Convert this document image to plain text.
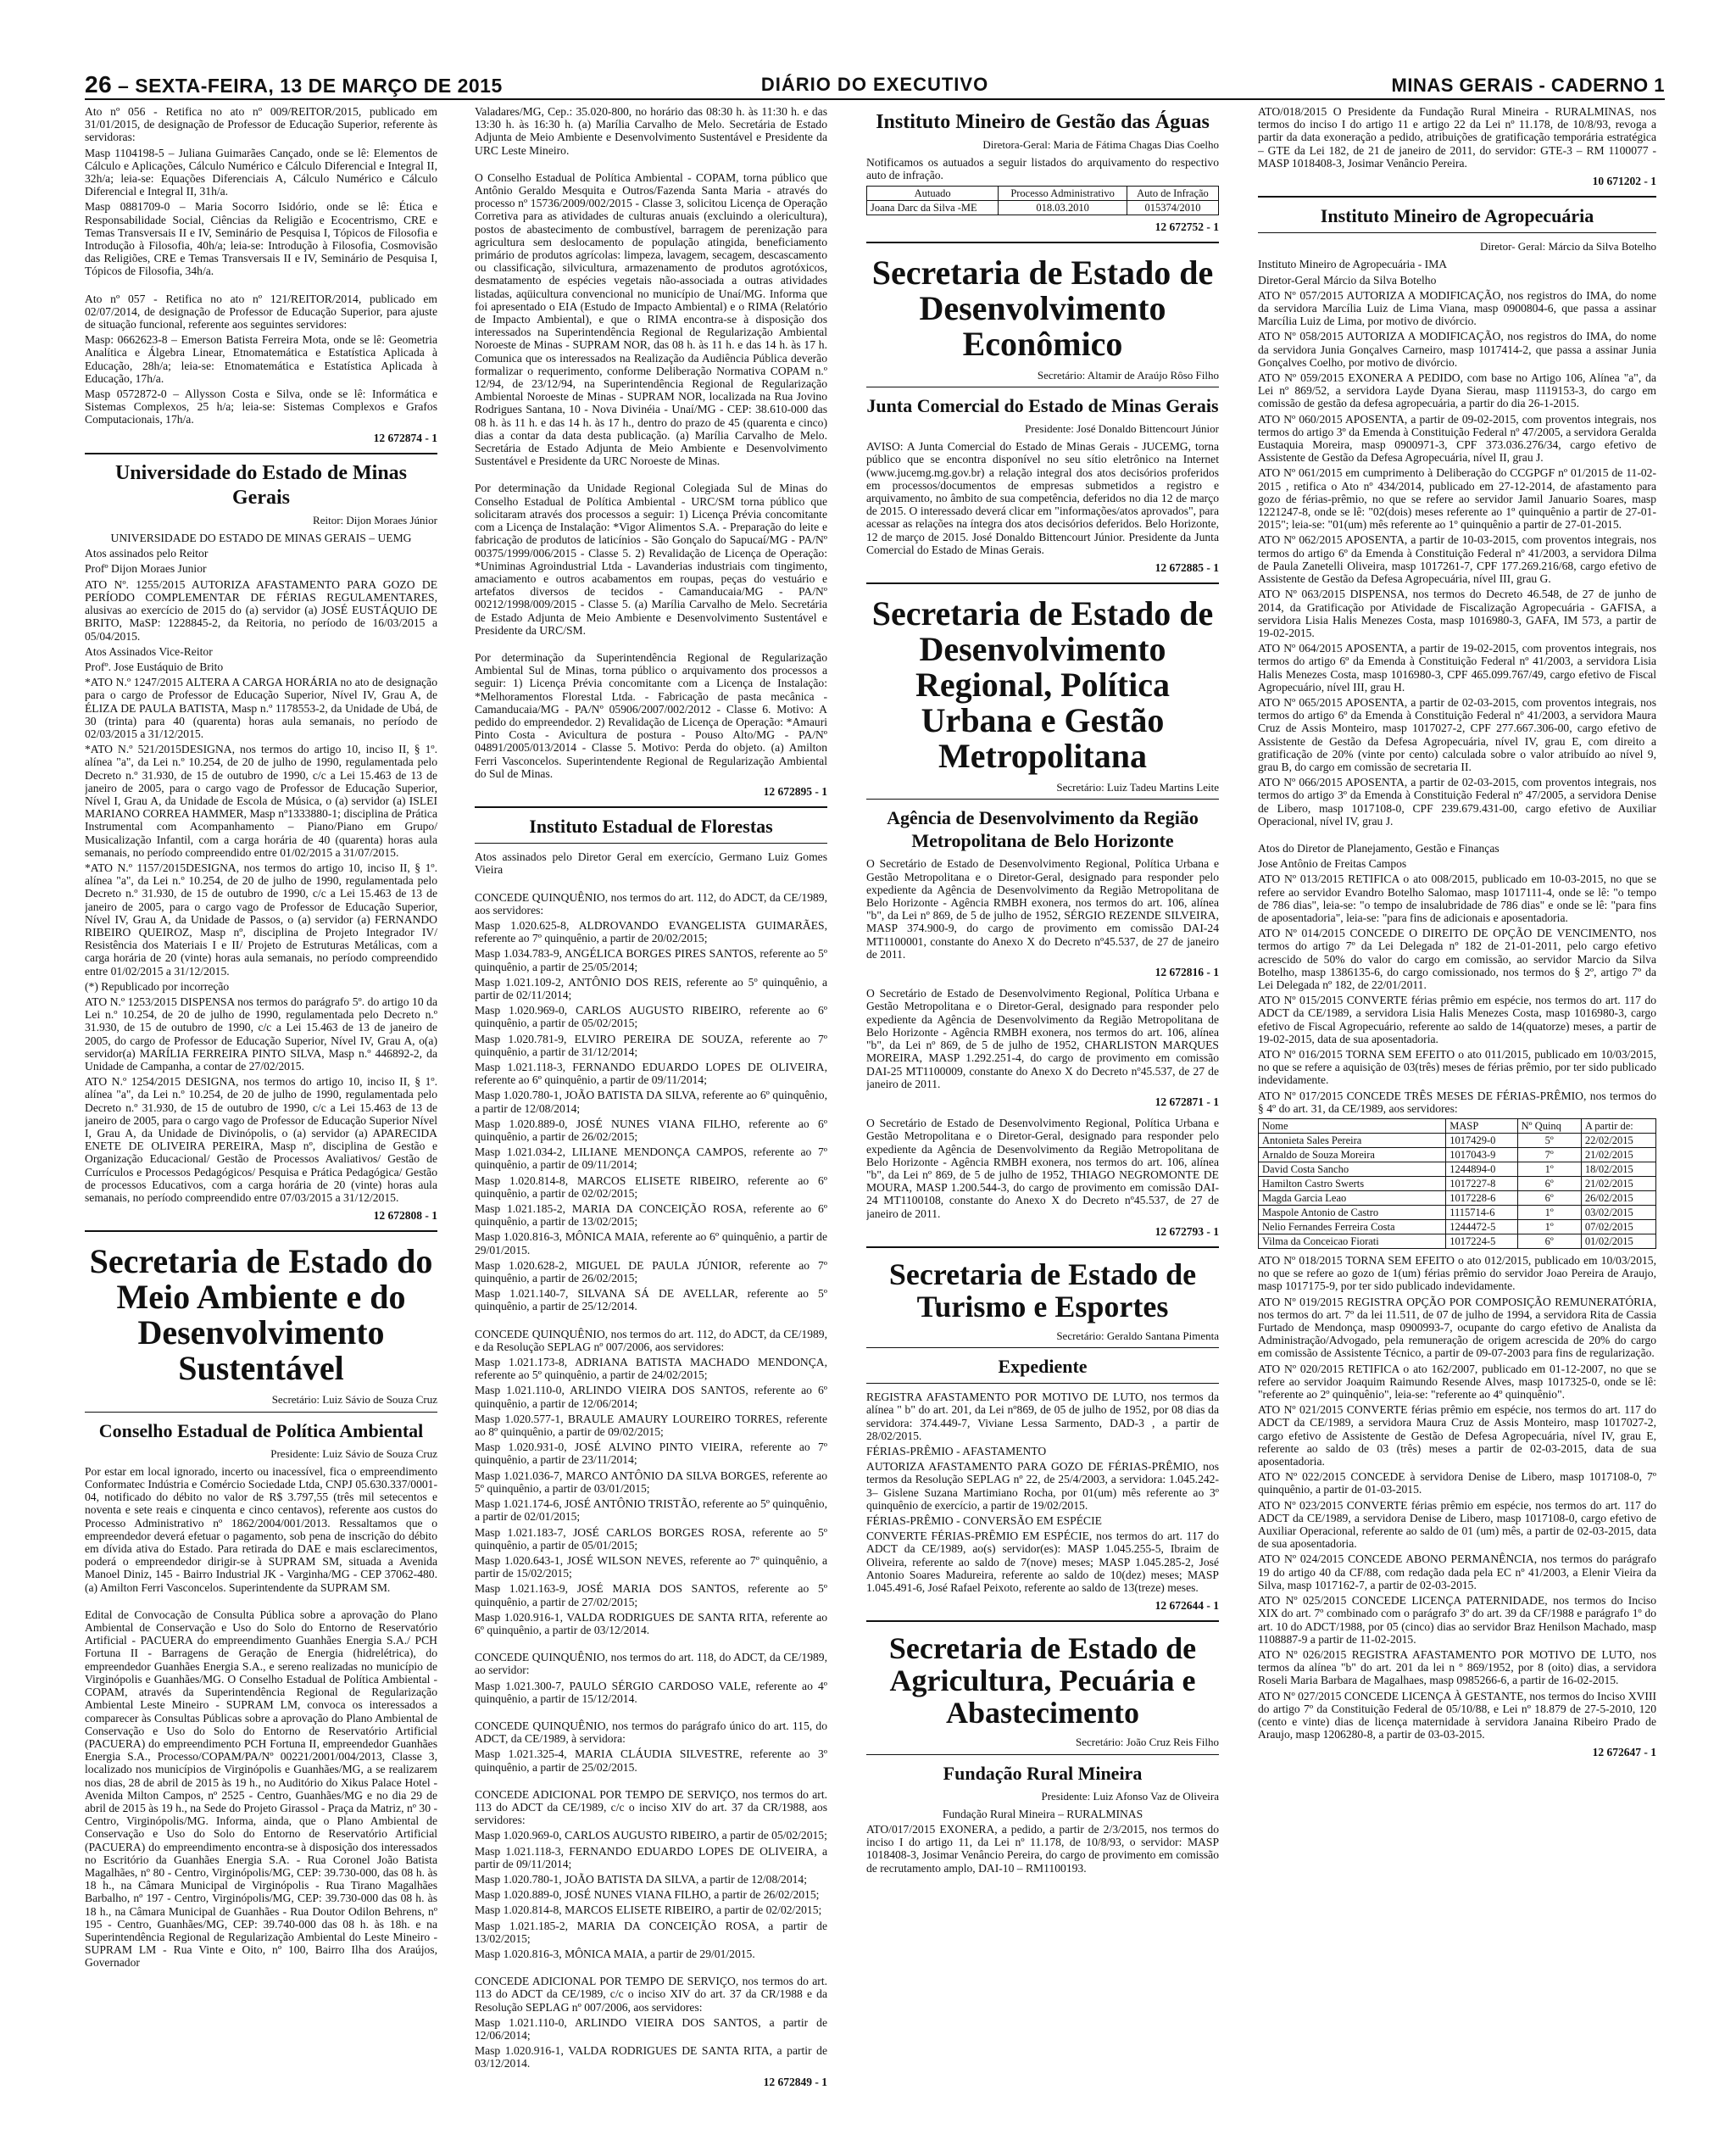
26 – SEXTA-FEIRA, 13 DE MARÇO DE 2015	DIÁRIO DO EXECUTIVO	MINAS GERAIS - CADERNO 1

Ato nº 056 - Retifica no ato nº 009/REITOR/2015, publicado em 31/01/2015, de designação de Professor de Educação Superior, referente às servidoras:

Masp 1104198-5 – Juliana Guimarães Cançado, onde se lê: Elementos de Cálculo e Aplicações, Cálculo Numérico e Cálculo Diferencial e Integral II, 32h/a; leia-se: Equações Diferenciais A, Cálculo Numérico e Cálculo Diferencial e Integral II, 31h/a.

Masp 0881709-0 – Maria Socorro Isidório, onde se lê: Ética e Responsabilidade Social, Ciências da Religião e Ecocentrismo, CRE e Temas Transversais II e IV, Seminário de Pesquisa I, Tópicos de Filosofia e Introdução à Filosofia, 40h/a; leia-se: Introdução à Filosofia, Cosmovisão das Religiões, CRE e Temas Transversais II e IV, Seminário de Pesquisa I, Tópicos de Filosofia, 34h/a.

Ato nº 057 - Retifica no ato nº 121/REITOR/2014, publicado em 02/07/2014, de designação de Professor de Educação Superior, para ajuste de situação funcional, referente aos seguintes servidores:

Masp: 0662623-8 – Emerson Batista Ferreira Mota, onde se lê: Geometria Analítica e Álgebra Linear, Etnomatemática e Estatística Aplicada à Educação, 28h/a; leia-se: Etnomatemática e Estatística Aplicada à Educação, 17h/a.

Masp 0572872-0 – Allysson Costa e Silva, onde se lê: Informática e Sistemas Complexos, 25 h/a; leia-se: Sistemas Complexos e Grafos Computacionais, 17h/a.

12 672874 - 1
Universidade do Estado de Minas Gerais
Reitor: Dijon Moraes Júnior

UNIVERSIDADE DO ESTADO DE MINAS GERAIS – UEMG

Atos assinados pelo Reitor

Profº Dijon Moraes Junior

ATO Nº. 1255/2015 AUTORIZA AFASTAMENTO PARA GOZO DE PERÍODO COMPLEMENTAR DE FÉRIAS REGULAMENTARES, alusivas ao exercício de 2015 do (a) servidor (a) JOSÉ EUSTÁQUIO DE BRITO, MaSP: 1228845-2, da Reitoria, no período de 16/03/2015 a 05/04/2015.

Atos Assinados Vice-Reitor

Profº. Jose Eustáquio de Brito

*ATO N.º 1247/2015 ALTERA A CARGA HORÁRIA no ato de designação para o cargo de Professor de Educação Superior, Nível IV, Grau A, de ÉLIZA DE PAULA BATISTA, Masp n.º 1178553-2, da Unidade de Ubá, de 30 (trinta) para 40 (quarenta) horas aula semanais, no período de 02/03/2015 a 31/12/2015.

*ATO N.º 521/2015DESIGNA, nos termos do artigo 10, inciso II, § 1º. alínea "a", da Lei n.º 10.254, de 20 de julho de 1990, regulamentada pelo Decreto n.º 31.930, de 15 de outubro de 1990, c/c a Lei 15.463 de 13 de janeiro de 2005, para o cargo vago de Professor de Educação Superior, Nível I, Grau A, da Unidade de Escola de Música, o (a) servidor (a) ISLEI MARIANO CORREA HAMMER, Masp nº1333880-1; disciplina de Prática Instrumental com Acompanhamento – Piano/Piano em Grupo/ Musicalização Infantil, com a carga horária de 40 (quarenta) horas aula semanais, no período compreendido entre 01/02/2015 a 31/07/2015.

*ATO N.º 1157/2015DESIGNA, nos termos do artigo 10, inciso II, § 1º. alínea "a", da Lei n.º 10.254, de 20 de julho de 1990, regulamentada pelo Decreto n.º 31.930, de 15 de outubro de 1990, c/c a Lei 15.463 de 13 de janeiro de 2005, para o cargo vago de Professor de Educação Superior, Nível IV, Grau A, da Unidade de Passos, o (a) servidor (a) FERNANDO RIBEIRO QUEIROZ, Masp nº, disciplina de Projeto Integrador IV/ Resistência dos Materiais I e II/ Projeto de Estruturas Metálicas, com a carga horária de 20 (vinte) horas aula semanais, no período compreendido entre 01/02/2015 a 31/12/2015.

(*) Republicado por incorreção

ATO N.º 1253/2015 DISPENSA nos termos do parágrafo 5º. do artigo 10 da Lei n.º 10.254, de 20 de julho de 1990, regulamentada pelo Decreto n.º 31.930, de 15 de outubro de 1990, c/c a Lei 15.463 de 13 de janeiro de 2005, do cargo de Professor de Educação Superior, Nível IV, Grau A, o(a) servidor(a) MARÍLIA FERREIRA PINTO SILVA, Masp n.º 446892-2, da Unidade de Campanha, a contar de 27/02/2015.

ATO N.º 1254/2015 DESIGNA, nos termos do artigo 10, inciso II, § 1º. alínea "a", da Lei n.º 10.254, de 20 de julho de 1990, regulamentada pelo Decreto n.º 31.930, de 15 de outubro de 1990, c/c a Lei 15.463 de 13 de janeiro de 2005, para o cargo vago de Professor de Educação Superior Nível I, Grau A, da Unidade de Divinópolis, o (a) servidor (a) APARECIDA ENETE DE OLIVEIRA PEREIRA, Masp nº, disciplina de Gestão e Organização Educacional/ Gestão de Processos Avaliativos/ Gestão de Currículos e Processos Pedagógicos/ Pesquisa e Prática Pedagógica/ Gestão de processos Educativos, com a carga horária de 20 (vinte) horas aula semanais, no período compreendido entre 07/03/2015 a 31/12/2015.

12 672808 - 1
Secretaria de Estado do Meio Ambiente e do Desenvolvimento Sustentável
Secretário: Luiz Sávio de Souza Cruz
Conselho Estadual de Política Ambiental
Presidente: Luiz Sávio de Souza Cruz

Por estar em local ignorado, incerto ou inacessível, fica o empreendimento Conformatec Indústria e Comércio Sociedade Ltda, CNPJ 05.630.337/0001-04, notificado do débito no valor de R$ 3.797,55 (três mil setecentos e noventa e sete reais e cinquenta e cinco centavos), referente aos custos do Processo Administrativo nº 1862/2004/001/2013. Ressaltamos que o empreendedor deverá efetuar o pagamento, sob pena de inscrição do débito em dívida ativa do Estado. Para retirada do DAE e mais esclarecimentos, poderá o empreendedor dirigir-se à SUPRAM SM, situada a Avenida Manoel Diniz, 145 - Bairro Industrial JK - Varginha/MG - CEP 37062-480. (a) Amilton Ferri Vasconcelos. Superintendente da SUPRAM SM.

Edital de Convocação de Consulta Pública sobre a aprovação do Plano Ambiental de Conservação e Uso do Solo do Entorno de Reservatório Artificial - PACUERA do empreendimento Guanhães Energia S.A./ PCH Fortuna II - Barragens de Geração de Energia (hidrelétrica), do empreendedor Guanhães Energia S.A., e sereno realizadas no município de Virginópolis e Guanhães/MG. O Conselho Estadual de Política Ambiental - COPAM, através da Superintendência Regional de Regularização Ambiental Leste Mineiro - SUPRAM LM, convoca os interessados a comparecer às Consultas Públicas sobre a aprovação do Plano Ambiental de Conservação e Uso do Solo do Entorno de Reservatório Artificial (PACUERA) do empreendimento PCH Fortuna II, empreendedor Guanhães Energia S.A., Processo/COPAM/PA/Nº 00221/2001/004/2013, Classe 3, localizado nos municípios de Virginópolis e Guanhães/MG, a se realizarem nos dias, 28 de abril de 2015 às 19 h., no Auditório do Xikus Palace Hotel - Avenida Milton Campos, nº 2525 - Centro, Guanhães/MG e no dia 29 de abril de 2015 às 19 h., na Sede do Projeto Girassol - Praça da Matriz, nº 30 - Centro, Virginópolis/MG. Informa, ainda, que o Plano Ambiental de Conservação e Uso do Solo do Entorno de Reservatório Artificial (PACUERA) do empreendimento encontra-se à disposição dos interessados no Escritório da Guanhães Energia S.A. - Rua Coronel João Batista Magalhães, nº 80 - Centro, Virginópolis/MG, CEP: 39.730-000, das 08 h. às 18 h., na Câmara Municipal de Virginópolis - Rua Tirano Magalhães Barbalho, nº 197 - Centro, Virginópolis/MG, CEP: 39.730-000 das 08 h. às 18 h., na Câmara Municipal de Guanhães - Rua Doutor Odilon Behrens, nº 195 - Centro, Guanhães/MG, CEP: 39.740-000 das 08 h. às 18h. e na Superintendência Regional de Regularização Ambiental do Leste Mineiro - SUPRAM LM - Rua Vinte e Oito, nº 100, Bairro Ilha dos Araújos, Governador

Valadares/MG, Cep.: 35.020-800, no horário das 08:30 h. às 11:30 h. e das 13:30 h. às 16:30 h. (a) Marília Carvalho de Melo. Secretária de Estado Adjunta de Meio Ambiente e Desenvolvimento Sustentável e Presidente da URC Leste Mineiro.

O Conselho Estadual de Política Ambiental - COPAM, torna público que Antônio Geraldo Mesquita e Outros/Fazenda Santa Maria - através do processo nº 15736/2009/002/2015 - Classe 3, solicitou Licença de Operação Corretiva para as atividades de culturas anuais (excluindo a olericultura), postos de abastecimento de combustível, barragem de perenização para agricultura sem deslocamento de população atingida, beneficiamento primário de produtos agrícolas: limpeza, lavagem, secagem, descascamento ou classificação, silvicultura, armazenamento de produtos agrotóxicos, desmatamento de espécies vegetais não-associada a outras atividades listadas, aqüicultura convencional no município de Unaí/MG. Informa que foi apresentado o EIA (Estudo de Impacto Ambiental) e o RIMA (Relatório de Impacto Ambiental), e que o RIMA encontra-se à disposição dos interessados na Superintendência Regional de Regularização Ambiental Noroeste de Minas - SUPRAM NOR, das 08 h. às 11 h. e das 14 h. às 17 h. Comunica que os interessados na Realização da Audiência Pública deverão formalizar o requerimento, conforme Deliberação Normativa COPAM n.º 12/94, de 23/12/94, na Superintendência Regional de Regularização Ambiental Noroeste de Minas - SUPRAM NOR, localizada na Rua Jovino Rodrigues Santana, 10 - Nova Divinéia - Unaí/MG - CEP: 38.610-000 das 08 h. às 11 h. e das 14 h. às 17 h., dentro do prazo de 45 (quarenta e cinco) dias a contar da data desta publicação. (a) Marília Carvalho de Melo. Secretária de Estado Adjunta de Meio Ambiente e Desenvolvimento Sustentável e Presidente da URC Noroeste de Minas.

Por determinação da Unidade Regional Colegiada Sul de Minas do Conselho Estadual de Política Ambiental - URC/SM torna público que solicitaram através dos processos a seguir: 1) Licença Prévia concomitante com a Licença de Instalação: *Vigor Alimentos S.A. - Preparação do leite e fabricação de produtos de laticínios - São Gonçalo do Sapucaí/MG - PA/Nº 00375/1999/006/2015 - Classe 5. 2) Revalidação de Licença de Operação: *Uniminas Agroindustrial Ltda - Lavanderias industriais com tingimento, amaciamento e outros acabamentos em roupas, peças do vestuário e artefatos diversos de tecidos - Camanducaia/MG - PA/Nº 00212/1998/009/2015 - Classe 5. (a) Marília Carvalho de Melo. Secretária de Estado Adjunta de Meio Ambiente e Desenvolvimento Sustentável e Presidente da URC/SM.

Por determinação da Superintendência Regional de Regularização Ambiental Sul de Minas, torna público o arquivamento dos processos a seguir: 1) Licença Prévia concomitante com a Licença de Instalação: *Melhoramentos Florestal Ltda. - Fabricação de pasta mecânica - Camanducaia/MG - PA/Nº 05906/2007/002/2012 - Classe 6. Motivo: A pedido do empreendedor. 2) Revalidação de Licença de Operação: *Amauri Pinto Costa - Avicultura de postura - Pouso Alto/MG - PA/Nº 04891/2005/013/2014 - Classe 5. Motivo: Perda do objeto. (a) Amilton Ferri Vasconcelos. Superintendente Regional de Regularização Ambiental do Sul de Minas.

12 672895 - 1
Instituto Estadual de Florestas

Atos assinados pelo Diretor Geral em exercício, Germano Luiz Gomes Vieira

CONCEDE QUINQUÊNIO, nos termos do art. 112, do ADCT, da CE/1989, aos servidores:

Masp 1.020.625-8, ALDROVANDO EVANGELISTA GUIMARÃES, referente ao 7º quinquênio, a partir de 20/02/2015;

Masp 1.034.783-9, ANGÉLICA BORGES PIRES SANTOS, referente ao 5º quinquênio, a partir de 25/05/2014;

Masp 1.021.109-2, ANTÔNIO DOS REIS, referente ao 5º quinquênio, a partir de 02/11/2014;

Masp 1.020.969-0, CARLOS AUGUSTO RIBEIRO, referente ao 6º quinquênio, a partir de 05/02/2015;

Masp 1.020.781-9, ELVIRO PEREIRA DE SOUZA, referente ao 7º quinquênio, a partir de 31/12/2014;

Masp 1.021.118-3, FERNANDO EDUARDO LOPES DE OLIVEIRA, referente ao 6º quinquênio, a partir de 09/11/2014;

Masp 1.020.780-1, JOÃO BATISTA DA SILVA, referente ao 6º quinquênio, a partir de 12/08/2014;

Masp 1.020.889-0, JOSÉ NUNES VIANA FILHO, referente ao 6º quinquênio, a partir de 26/02/2015;

Masp 1.021.034-2, LILIANE MENDONÇA CAMPOS, referente ao 7º quinquênio, a partir de 09/11/2014;

Masp 1.020.814-8, MARCOS ELISETE RIBEIRO, referente ao 6º quinquênio, a partir de 02/02/2015;

Masp 1.021.185-2, MARIA DA CONCEIÇÃO ROSA, referente ao 6º quinquênio, a partir de 13/02/2015;

Masp 1.020.816-3, MÔNICA MAIA, referente ao 6º quinquênio, a partir de 29/01/2015.

Masp 1.020.628-2, MIGUEL DE PAULA JÚNIOR, referente ao 7º quinquênio, a partir de 26/02/2015;

Masp 1.021.140-7, SILVANA SÁ DE AVELLAR, referente ao 5º quinquênio, a partir de 25/12/2014.

CONCEDE QUINQUÊNIO, nos termos do art. 112, do ADCT, da CE/1989, e da Resolução SEPLAG nº 007/2006, aos servidores:

Masp 1.021.173-8, ADRIANA BATISTA MACHADO MENDONÇA, referente ao 5º quinquênio, a partir de 24/02/2015;

Masp 1.021.110-0, ARLINDO VIEIRA DOS SANTOS, referente ao 6º quinquênio, a partir de 12/06/2014;

Masp 1.020.577-1, BRAULE AMAURY LOUREIRO TORRES, referente ao 8º quinquênio, a partir de 09/02/2015;

Masp 1.020.931-0, JOSÉ ALVINO PINTO VIEIRA, referente ao 7º quinquênio, a partir de 23/11/2014;

Masp 1.021.036-7, MARCO ANTÔNIO DA SILVA BORGES, referente ao 5º quinquênio, a partir de 03/01/2015;

Masp 1.021.174-6, JOSÉ ANTÔNIO TRISTÃO, referente ao 5º quinquênio, a partir de 02/01/2015;

Masp 1.021.183-7, JOSÉ CARLOS BORGES ROSA, referente ao 5º quinquênio, a partir de 05/01/2015;

Masp 1.020.643-1, JOSÉ WILSON NEVES, referente ao 7º quinquênio, a partir de 15/02/2015;

Masp 1.021.163-9, JOSÉ MARIA DOS SANTOS, referente ao 5º quinquênio, a partir de 27/02/2015;

Masp 1.020.916-1, VALDA RODRIGUES DE SANTA RITA, referente ao 6º quinquênio, a partir de 03/12/2014.

CONCEDE QUINQUÊNIO, nos termos do art. 118, do ADCT, da CE/1989, ao servidor:

Masp 1.021.300-7, PAULO SÉRGIO CARDOSO VALE, referente ao 4º quinquênio, a partir de 15/12/2014.

CONCEDE QUINQUÊNIO, nos termos do parágrafo único do art. 115, do ADCT, da CE/1989, à servidora:

Masp 1.021.325-4, MARIA CLÁUDIA SILVESTRE, referente ao 3º quinquênio, a partir de 25/02/2015.

CONCEDE ADICIONAL POR TEMPO DE SERVIÇO, nos termos do art. 113 do ADCT da CE/1989, c/c o inciso XIV do art. 37 da CR/1988, aos servidores:

Masp 1.020.969-0, CARLOS AUGUSTO RIBEIRO, a partir de 05/02/2015;

Masp 1.021.118-3, FERNANDO EDUARDO LOPES DE OLIVEIRA, a partir de 09/11/2014;

Masp 1.020.780-1, JOÃO BATISTA DA SILVA, a partir de 12/08/2014;

Masp 1.020.889-0, JOSÉ NUNES VIANA FILHO, a partir de 26/02/2015;

Masp 1.020.814-8, MARCOS ELISETE RIBEIRO, a partir de 02/02/2015;

Masp 1.021.185-2, MARIA DA CONCEIÇÃO ROSA, a partir de 13/02/2015;

Masp 1.020.816-3, MÔNICA MAIA, a partir de 29/01/2015.

CONCEDE ADICIONAL POR TEMPO DE SERVIÇO, nos termos do art. 113 do ADCT da CE/1989, c/c o inciso XIV do art. 37 da CR/1988 e da Resolução SEPLAG nº 007/2006, aos servidores:

Masp 1.021.110-0, ARLINDO VIEIRA DOS SANTOS, a partir de 12/06/2014;

Masp 1.020.916-1, VALDA RODRIGUES DE SANTA RITA, a partir de 03/12/2014.

12 672849 - 1
Instituto Mineiro de Gestão das Águas
Diretora-Geral: Maria de Fátima Chagas Dias Coelho

Notificamos os autuados a seguir listados do arquivamento do respectivo auto de infração.

Autuado	Processo Administrativo	Auto de Infração
Joana Darc da Silva -ME	018.03.2010	015374/2010
12 672752 - 1
Secretaria de Estado de Desenvolvimento Econômico
Secretário: Altamir de Araújo Rôso Filho
Junta Comercial do Estado de Minas Gerais
Presidente: José Donaldo Bittencourt Júnior

AVISO: A Junta Comercial do Estado de Minas Gerais - JUCEMG, torna público que se encontra disponível no seu sítio eletrônico na Internet (www.jucemg.mg.gov.br) a relação integral dos atos decisórios proferidos em processos/documentos de empresas submetidos a registro e arquivamento, no âmbito de sua competência, deferidos no dia 12 de março de 2015. O interessado deverá clicar em "informações/atos aprovados", para acessar as relações na íntegra dos atos decisórios deferidos. Belo Horizonte, 12 de março de 2015. José Donaldo Bittencourt Júnior. Presidente da Junta Comercial do Estado de Minas Gerais.

12 672885 - 1
Secretaria de Estado de Desenvolvimento Regional, Política Urbana e Gestão Metropolitana
Secretário: Luiz Tadeu Martins Leite
Agência de Desenvolvimento da Região Metropolitana de Belo Horizonte

O Secretário de Estado de Desenvolvimento Regional, Política Urbana e Gestão Metropolitana e o Diretor-Geral, designado para responder pelo expediente da Agência de Desenvolvimento da Região Metropolitana de Belo Horizonte - Agência RMBH exonera, nos termos do art. 106, alínea "b", da Lei nº 869, de 5 de julho de 1952, SÉRGIO REZENDE SILVEIRA, MASP 374.900-9, do cargo de provimento em comissão DAI-24 MT1100001, constante do Anexo X do Decreto nº45.537, de 27 de janeiro de 2011.

12 672816 - 1

O Secretário de Estado de Desenvolvimento Regional, Política Urbana e Gestão Metropolitana e o Diretor-Geral, designado para responder pelo expediente da Agência de Desenvolvimento da Região Metropolitana de Belo Horizonte - Agência RMBH exonera, nos termos do art. 106, alínea "b", da Lei nº 869, de 5 de julho de 1952, CHARLISTON MARQUES MOREIRA, MASP 1.292.251-4, do cargo de provimento em comissão DAI-25 MT1100009, constante do Anexo X do Decreto nº45.537, de 27 de janeiro de 2011.

12 672871 - 1

O Secretário de Estado de Desenvolvimento Regional, Política Urbana e Gestão Metropolitana e o Diretor-Geral, designado para responder pelo expediente da Agência de Desenvolvimento da Região Metropolitana de Belo Horizonte - Agência RMBH exonera, nos termos do art. 106, alínea "b", da Lei nº 869, de 5 de julho de 1952, THIAGO NEGROMONTE DE MOURA, MASP 1.200.544-3, do cargo de provimento em comissão DAI-24 MT1100108, constante do Anexo X do Decreto nº45.537, de 27 de janeiro de 2011.

12 672793 - 1
Secretaria de Estado de Turismo e Esportes
Secretário: Geraldo Santana Pimenta
Expediente

REGISTRA AFASTAMENTO POR MOTIVO DE LUTO, nos termos da alínea " b" do art. 201, da Lei nº869, de 05 de julho de 1952, por 08 dias da servidora: 374.449-7, Viviane Lessa Sarmento, DAD-3 , a partir de 28/02/2015.

FÉRIAS-PRÊMIO - AFASTAMENTO

AUTORIZA AFASTAMENTO PARA GOZO DE FÉRIAS-PRÊMIO, nos termos da Resolução SEPLAG nº 22, de 25/4/2003, a servidora: 1.045.242-3– Gislene Suzana Martimiano Rocha, por 01(um) mês referente ao 3º quinquênio de exercício, a partir de 19/02/2015.

FÉRIAS-PRÊMIO - CONVERSÃO EM ESPÉCIE

CONVERTE FÉRIAS-PRÊMIO EM ESPÉCIE, nos termos do art. 117 do ADCT da CE/1989, ao(s) servidor(es): MASP 1.045.255-5, Ibraim de Oliveira, referente ao saldo de 7(nove) meses; MASP 1.045.285-2, José Antonio Soares Madureira, referente ao saldo de 10(dez) meses; MASP 1.045.491-6, José Rafael Peixoto, referente ao saldo de 13(treze) meses.

12 672644 - 1
Secretaria de Estado de Agricultura, Pecuária e Abastecimento
Secretário: João Cruz Reis Filho
Fundação Rural Mineira
Presidente: Luiz Afonso Vaz de Oliveira

Fundação Rural Mineira – RURALMINAS

ATO/017/2015 EXONERA, a pedido, a partir de 2/3/2015, nos termos do inciso I do artigo 11, da Lei nº 11.178, de 10/8/93, o servidor: MASP 1018408-3, Josimar Venâncio Pereira, do cargo de provimento em comissão de recrutamento amplo, DAI-10 – RM1100193.

ATO/018/2015 O Presidente da Fundação Rural Mineira - RURALMINAS, nos termos do inciso I do artigo 11 e artigo 22 da Lei nº 11.178, de 10/8/93, revoga a partir da data exoneração a pedido, atribuições de gratificação temporária estratégica – GTE da Lei 182, de 21 de janeiro de 2011, do servidor: GTE-3 – RM 1100077 - MASP 1018408-3, Josimar Venâncio Pereira.

10 671202 - 1
Instituto Mineiro de Agropecuária
Diretor- Geral: Márcio da Silva Botelho

Instituto Mineiro de Agropecuária - IMA

Diretor-Geral Márcio da Silva Botelho

ATO Nº 057/2015 AUTORIZA A MODIFICAÇÃO, nos registros do IMA, do nome da servidora Marcília Luiz de Lima Viana, masp 0900804-6, que passa a assinar Marcília Luiz de Lima, por motivo de divórcio.

ATO Nº 058/2015 AUTORIZA A MODIFICAÇÃO, nos registros do IMA, do nome da servidora Junia Gonçalves Carneiro, masp 1017414-2, que passa a assinar Junia Gonçalves Coelho, por motivo de divórcio.

ATO Nº 059/2015 EXONERA A PEDIDO, com base no Artigo 106, Alínea "a", da Lei nº 869/52, a servidora Layde Dyana Sierau, masp 1119153-3, do cargo em comissão de gestão da defesa agropecuária, a partir do dia 26-1-2015.

ATO Nº 060/2015 APOSENTA, a partir de 09-02-2015, com proventos integrais, nos termos do artigo 3º da Emenda à Constituição Federal nº 47/2005, a servidora Geralda Eustaquia Moreira, masp 0900971-3, CPF 373.036.276/34, cargo efetivo de Assistente de Gestão da Defesa Agropecuária, nível II, grau J.

ATO Nº 061/2015 em cumprimento à Deliberação do CCGPGF nº 01/2015 de 11-02-2015 , retifica o Ato nº 434/2014, publicado em 27-12-2014, de afastamento para gozo de férias-prêmio, no que se refere ao servidor Jamil Januario Soares, masp 1221247-8, onde se lê: "02(dois) meses referente ao 1º quinquênio a partir de 27-01-2015"; leia-se: "01(um) mês referente ao 1º quinquênio a partir de 27-01-2015.

ATO Nº 062/2015 APOSENTA, a partir de 10-03-2015, com proventos integrais, nos termos do artigo 6º da Emenda à Constituição Federal nº 41/2003, a servidora Dilma de Paula Zanetelli Oliveira, masp 1017261-7, CPF 177.269.216/68, cargo efetivo de Assistente de Gestão da Defesa Agropecuária, nível III, grau G.

ATO Nº 063/2015 DISPENSA, nos termos do Decreto 46.548, de 27 de junho de 2014, da Gratificação por Atividade de Fiscalização Agropecuária - GAFISA, a servidora Lisia Halis Menezes Costa, masp 1016980-3, GAFA, IM 573, a partir de 19-02-2015.

ATO Nº 064/2015 APOSENTA, a partir de 19-02-2015, com proventos integrais, nos termos do artigo 6º da Emenda à Constituição Federal nº 41/2003, a servidora Lisia Halis Menezes Costa, masp 1016980-3, CPF 465.099.767/49, cargo efetivo de Fiscal Agropecuário, nível III, grau H.

ATO Nº 065/2015 APOSENTA, a partir de 02-03-2015, com proventos integrais, nos termos do artigo 6º da Emenda à Constituição Federal nº 41/2003, a servidora Maura Cruz de Assis Monteiro, masp 1017027-2, CPF 277.667.306-00, cargo efetivo de Assistente de Gestão da Defesa Agropecuária, nível IV, grau E, com direito a gratificação de 20% (vinte por cento) calculada sobre o valor atribuído ao nível 9, grau B, do cargo em comissão de secretaria II.

ATO Nº 066/2015 APOSENTA, a partir de 02-03-2015, com proventos integrais, nos termos do artigo 3º da Emenda à Constituição Federal nº 47/2005, a servidora Denise de Libero, masp 1017108-0, CPF 239.679.431-00, cargo efetivo de Auxiliar Operacional, nível IV, grau J.

Atos do Diretor de Planejamento, Gestão e Finanças

Jose Antônio de Freitas Campos

ATO Nº 013/2015 RETIFICA o ato 008/2015, publicado em 10-03-2015, no que se refere ao servidor Evandro Botelho Salomao, masp 1017111-4, onde se lê: "o tempo de 786 dias", leia-se: "o tempo de insalubridade de 786 dias" e onde se lê: "para fins de aposentadoria", leia-se: "para fins de adicionais e aposentadoria.

ATO Nº 014/2015 CONCEDE O DIREITO DE OPÇÃO DE VENCIMENTO, nos termos do artigo 7º da Lei Delegada nº 182 de 21-01-2011, pelo cargo efetivo acrescido de 50% do valor do cargo em comissão, ao servidor Marcio da Silva Botelho, masp 1386135-6, do cargo comissionado, nos termos do § 2º, artigo 7º da Lei Delegada nº 182, de 22/01/2011.

ATO Nº 015/2015 CONVERTE férias prêmio em espécie, nos termos do art. 117 do ADCT da CE/1989, a servidora Lisia Halis Menezes Costa, masp 1016980-3, cargo efetivo de Fiscal Agropecuário, referente ao saldo de 14(quatorze) meses, a partir de 19-02-2015, data de sua aposentadoria.

ATO Nº 016/2015 TORNA SEM EFEITO o ato 011/2015, publicado em 10/03/2015, no que se refere a aquisição de 03(três) meses de férias prêmio, por ter sido publicado indevidamente.

ATO Nº 017/2015 CONCEDE TRÊS MESES DE FÉRIAS-PRÊMIO, nos termos do § 4º do art. 31, da CE/1989, aos servidores:

Nome	MASP	Nº Quinq	A partir de:
Antonieta Sales Pereira	1017429-0	5º	22/02/2015
Arnaldo de Souza Moreira	1017043-9	7º	21/02/2015
David Costa Sancho	1244894-0	1º	18/02/2015
Hamilton Castro Swerts	1017227-8	6º	21/02/2015
Magda Garcia Leao	1017228-6	6º	26/02/2015
Maspole Antonio de Castro	1115714-6	1º	03/02/2015
Nelio Fernandes Ferreira Costa	1244472-5	1º	07/02/2015
Vilma da Conceicao Fiorati	1017224-5	6º	01/02/2015

ATO Nº 018/2015 TORNA SEM EFEITO o ato 012/2015, publicado em 10/03/2015, no que se refere ao gozo de 1(um) férias prêmio do servidor Joao Pereira de Araujo, masp 1017175-9, por ter sido publicado indevidamente.

ATO Nº 019/2015 REGISTRA OPÇÃO POR COMPOSIÇÃO REMUNERATÓRIA, nos termos do art. 7º da lei 11.511, de 07 de julho de 1994, a servidora Rita de Cassia Furtado de Mendonça, masp 0900993-7, ocupante do cargo efetivo de Analista da Administração/Advogado, pela remuneração de origem acrescida de 20% do cargo em comissão de Assistente Técnico, a partir de 09-07-2003 para fins de regularização.

ATO Nº 020/2015 RETIFICA o ato 162/2007, publicado em 01-12-2007, no que se refere ao servidor Joaquim Raimundo Resende Alves, masp 1017325-0, onde se lê: "referente ao 2º quinquênio", leia-se: "referente ao 4º quinquênio".

ATO Nº 021/2015 CONVERTE férias prêmio em espécie, nos termos do art. 117 do ADCT da CE/1989, a servidora Maura Cruz de Assis Monteiro, masp 1017027-2, cargo efetivo de Assistente de Gestão de Defesa Agropecuária, nível IV, grau E, referente ao saldo de 03 (três) meses a partir de 02-03-2015, data de sua aposentadoria.

ATO Nº 022/2015 CONCEDE à servidora Denise de Libero, masp 1017108-0, 7º quinquênio, a partir de 01-03-2015.

ATO Nº 023/2015 CONVERTE férias prêmio em espécie, nos termos do art. 117 do ADCT da CE/1989, a servidora Denise de Libero, masp 1017108-0, cargo efetivo de Auxiliar Operacional, referente ao saldo de 01 (um) mês, a partir de 02-03-2015, data de sua aposentadoria.

ATO Nº 024/2015 CONCEDE ABONO PERMANÊNCIA, nos termos do parágrafo 19 do artigo 40 da CF/88, com redação dada pela EC nº 41/2003, a Elenir Vieira da Silva, masp 1017162-7, a partir de 02-03-2015.

ATO Nº 025/2015 CONCEDE LICENÇA PATERNIDADE, nos termos do Inciso XIX do art. 7º combinado com o parágrafo 3º do art. 39 da CF/1988 e parágrafo 1º do art. 10 do ADCT/1988, por 05 (cinco) dias ao servidor Braz Henilson Machado, masp 1108887-9 a partir de 11-02-2015.

ATO Nº 026/2015 REGISTRA AFASTAMENTO POR MOTIVO DE LUTO, nos termos da alínea "b" do art. 201 da lei n º 869/1952, por 8 (oito) dias, a servidora Roseli Maria Barbara de Magalhaes, masp 0985266-6, a partir de 16-02-2015.

ATO Nº 027/2015 CONCEDE LICENÇA À GESTANTE, nos termos do Inciso XVIII do artigo 7º da Constituição Federal de 05/10/88, e Lei nº 18.879 de 27-5-2010, 120 (cento e vinte) dias de licença maternidade à servidora Janaina Ribeiro Prado de Araujo, masp 1206280-8, a partir de 03-03-2015.

12 672647 - 1
